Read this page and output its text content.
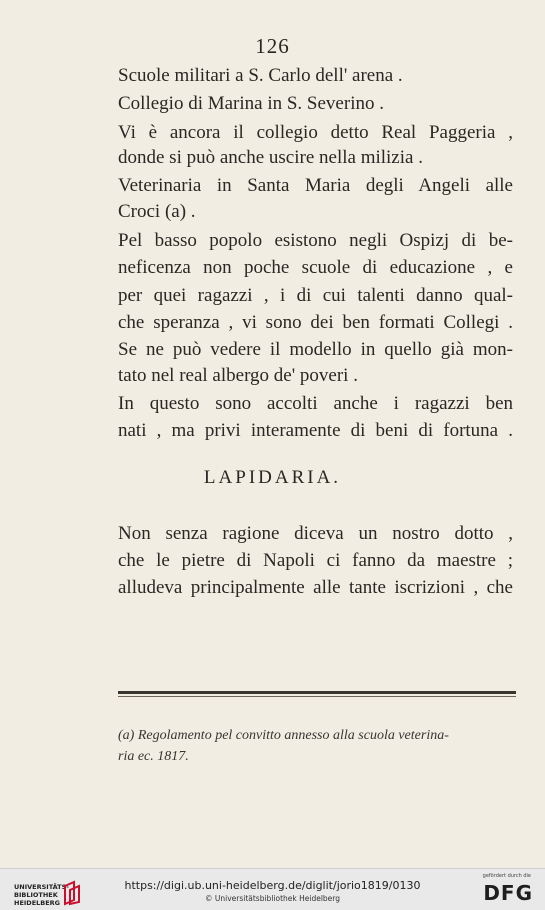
126
Scuole militari a S. Carlo dell' arena .
Collegio di Marina in S. Severino .
Vi è ancora il collegio detto Real Paggeria ,
donde si può anche uscire nella milizia .
Veterinaria in Santa Maria degli Angeli alle
Croci (a) .
Pel basso popolo esistono negli Ospizj di be-
neficenza non poche scuole di educazione , e
per quei ragazzi , i di cui talenti danno qual-
che speranza , vi sono dei ben formati Collegi .
Se ne può vedere il modello in quello già mon-
tato nel real albergo de' poveri .
In questo sono accolti anche i ragazzi ben
nati , ma privi interamente di beni di fortuna .
LAPIDARIA.
Non senza ragione diceva un nostro dotto ,
che le pietre di Napoli ci fanno da maestre ;
alludeva principalmente alle tante iscrizioni , che
(a) Regolamento pel convitto annesso alla scuola veterina-
ria ec. 1817.
UNIVERSITÄTS-
BIBLIOTHEK
HEIDELBERG
https://digi.ub.uni-heidelberg.de/diglit/jorio1819/0130
© Universitätsbibliothek Heidelberg
gefördert durch die
DFG
